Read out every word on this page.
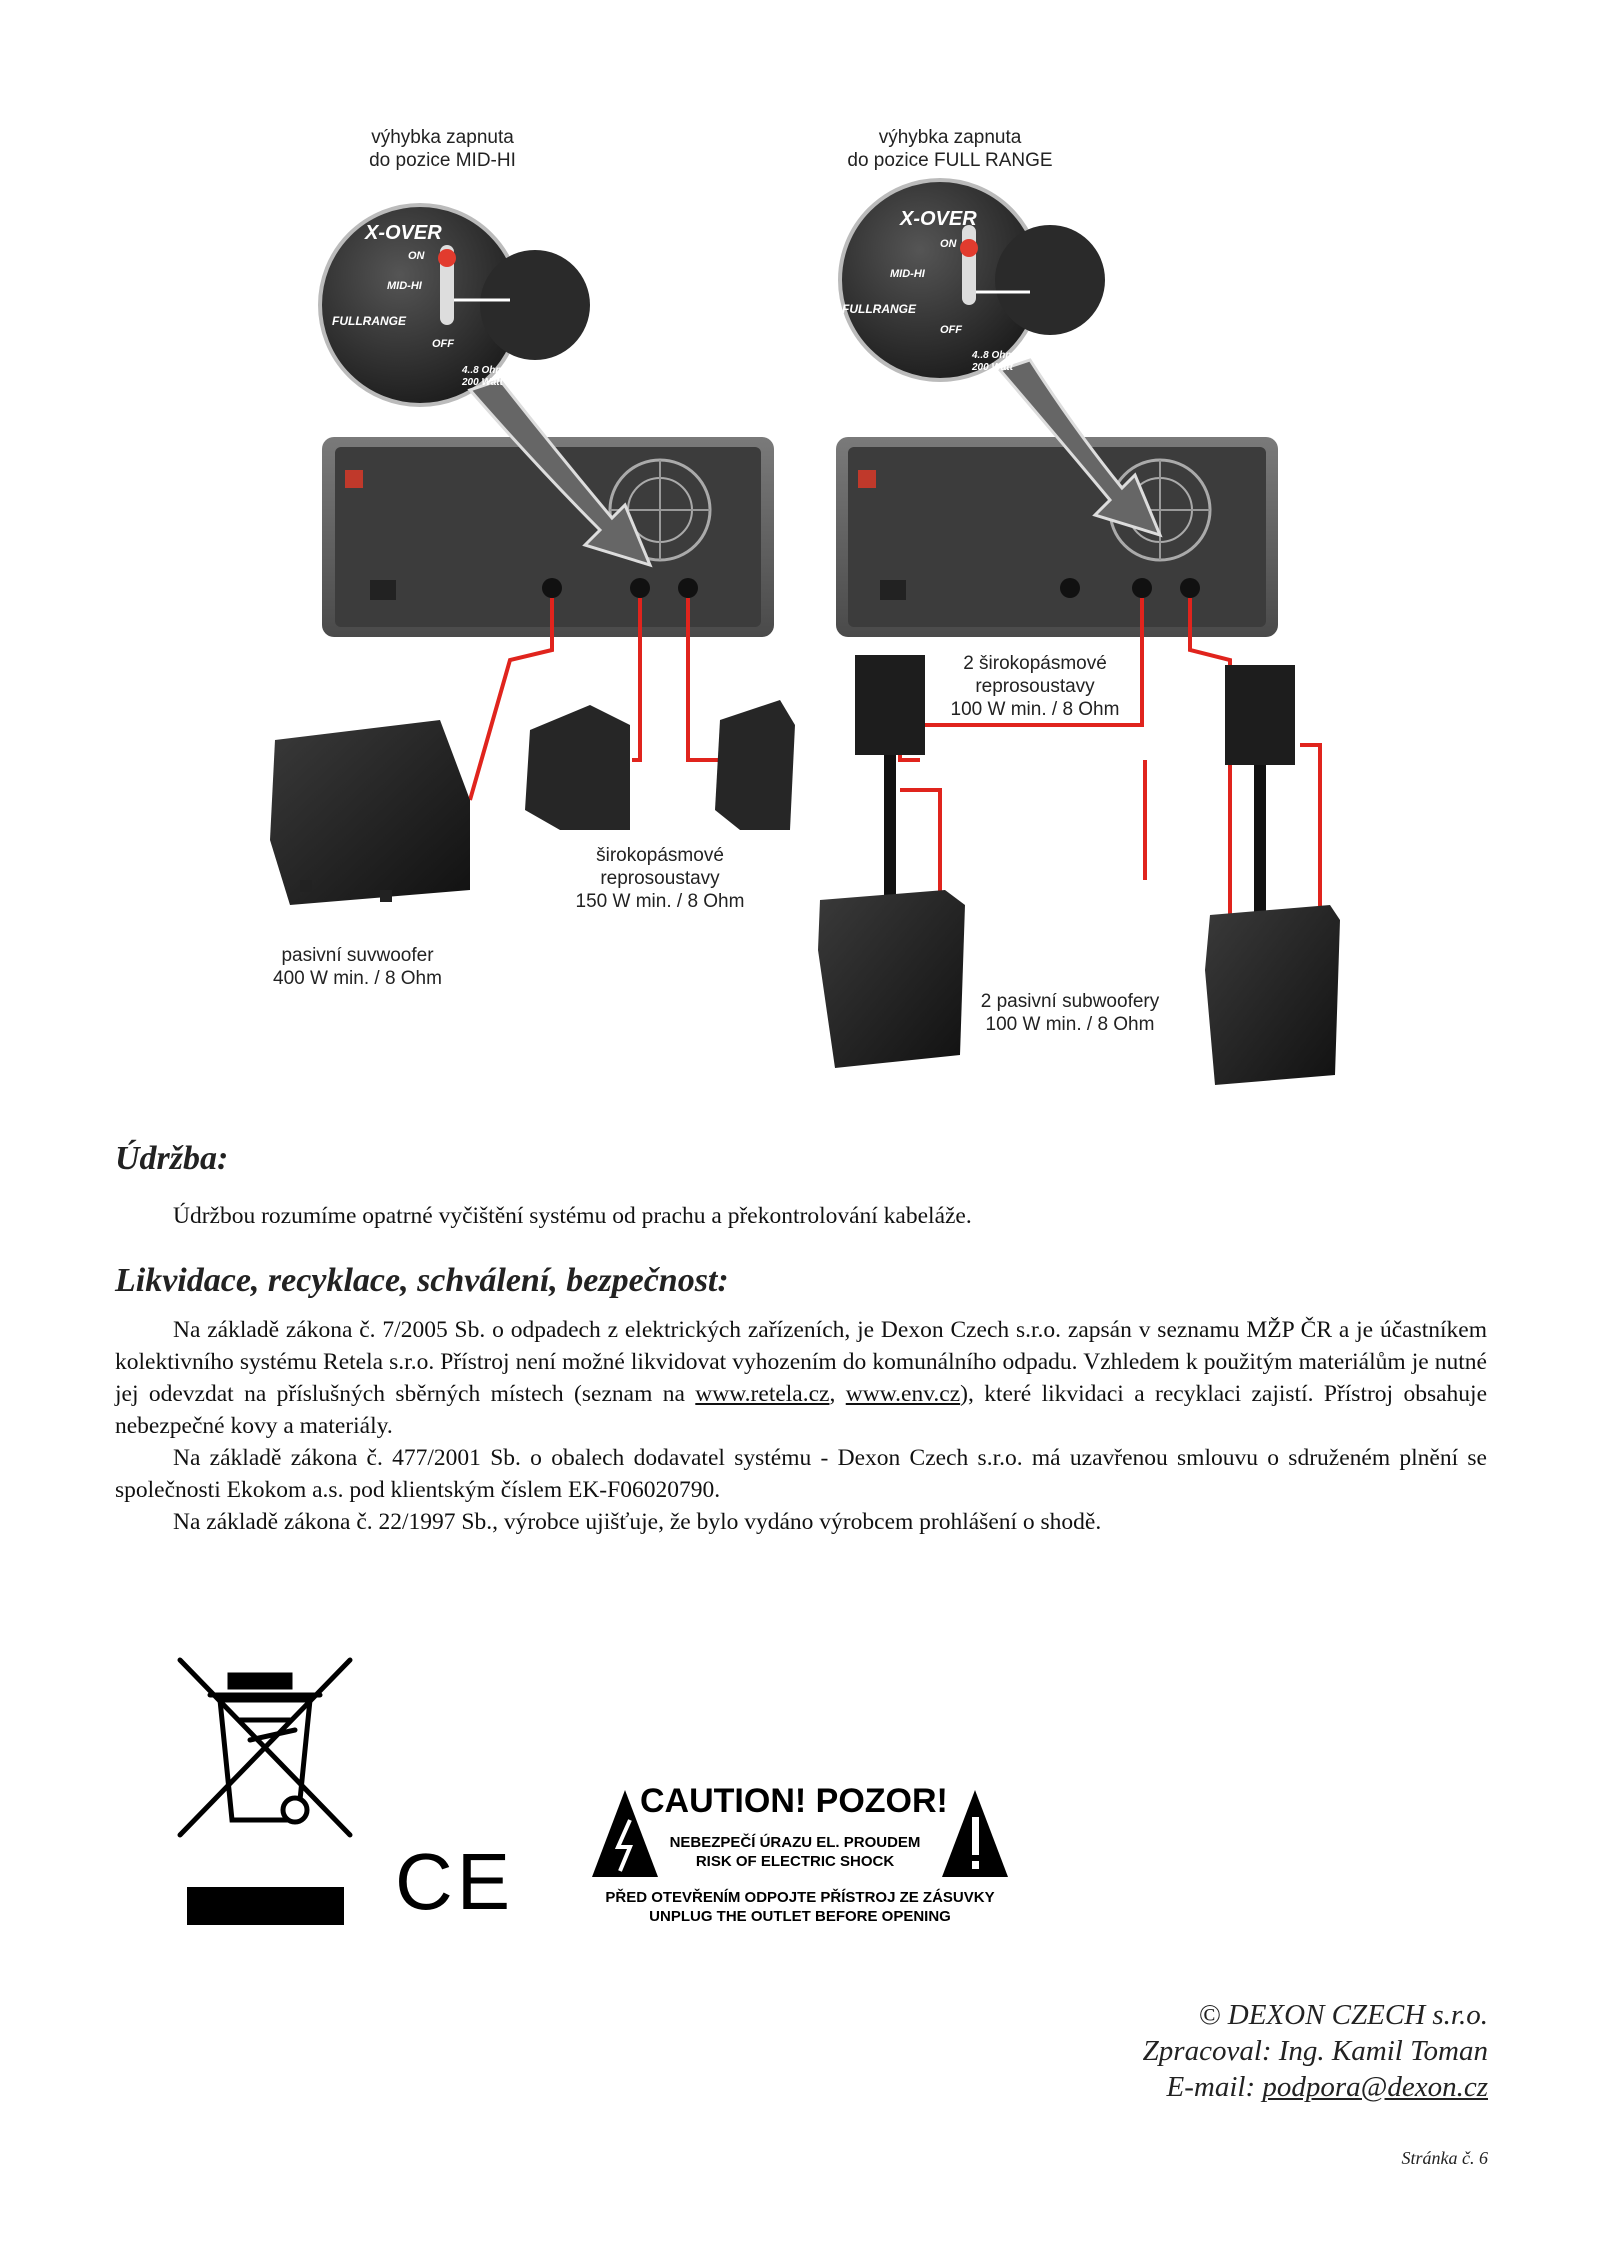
výhybka zapnuta
do pozice MID-HI
výhybka zapnuta
do pozice FULL RANGE
X-OVER
ON
MID-HI
FULLRANGE
OFF
4..8 Ohm
200 Watt
X-OVER
ON
MID-HI
FULLRANGE
OFF
4..8 Ohm
200 Watt
širokopásmové
reprosoustavy
150 W min. / 8 Ohm
pasivní suvwoofer
400 W min. / 8 Ohm
2 širokopásmové
reprosoustavy
100 W min. / 8 Ohm
2 pasivní subwoofery
100 W min. / 8 Ohm
Údržba:
Údržbou rozumíme opatrné vyčištění systému od prachu a překontrolování kabeláže.
Likvidace, recyklace, schválení, bezpečnost:

Na základě zákona č. 7/2005 Sb. o odpadech z elektrických zařízeních, je Dexon Czech s.r.o. zapsán v seznamu MŽP ČR a je účastníkem kolektivního systému Retela s.r.o. Přístroj není možné likvidovat vyhozením do komunálního odpadu. Vzhledem k použitým materiálům je nutné jej odevzdat na příslušných sběrných místech (seznam na www.retela.cz, www.env.cz), které likvidaci a recyklaci zajistí. Přístroj obsahuje nebezpečné kovy a materiály.

Na základě zákona č. 477/2001 Sb. o obalech dodavatel systému - Dexon Czech s.r.o. má uzavřenou smlouvu o sdruženém plnění se společnosti Ekokom a.s. pod klientským číslem EK-F06020790.

Na základě zákona č. 22/1997 Sb., výrobce ujišťuje, že bylo vydáno výrobcem prohlášení o shodě.

CE
CAUTION! POZOR!
NEBEZPEČÍ ÚRAZU EL. PROUDEM
RISK OF ELECTRIC SHOCK
PŘED OTEVŘENÍM ODPOJTE PŘÍSTROJ ZE ZÁSUVKY
UNPLUG THE OUTLET BEFORE OPENING
© DEXON CZECH s.r.o.
Zpracoval: Ing. Kamil Toman
E-mail: podpora@dexon.cz
Stránka č. 6
